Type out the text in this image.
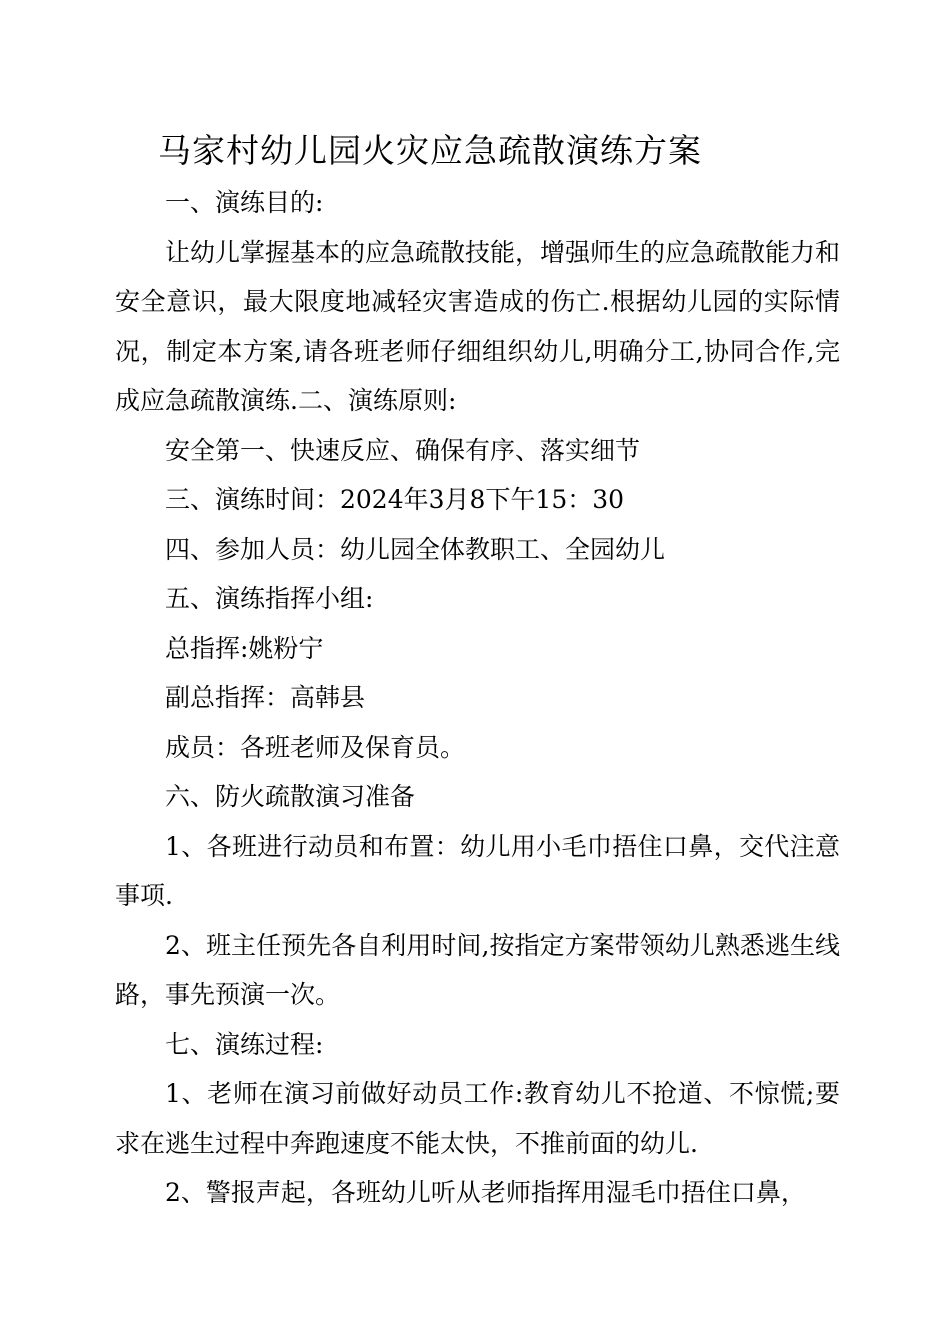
马家村幼儿园火灾应急疏散演练方案

一、演练目的:

让幼儿掌握基本的应急疏散技能，增强师生的应急疏散能力和安全意识，最大限度地减轻灾害造成的伤亡.根据幼儿园的实际情况，制定本方案,请各班老师仔细组织幼儿,明确分工,协同合作,完成应急疏散演练.二、演练原则:

安全第一、快速反应、确保有序、落实细节

三、演练时间：2024年3月8下午15：30

四、参加人员：幼儿园全体教职工、全园幼儿

五、演练指挥小组:

总指挥:姚粉宁

副总指挥：高韩县

成员：各班老师及保育员。

六、防火疏散演习准备

1、各班进行动员和布置：幼儿用小毛巾捂住口鼻，交代注意事项.

2、班主任预先各自利用时间,按指定方案带领幼儿熟悉逃生线路，事先预演一次。

七、演练过程:

1、老师在演习前做好动员工作:教育幼儿不抢道、不惊慌;要求在逃生过程中奔跑速度不能太快，不推前面的幼儿.

2、警报声起，各班幼儿听从老师指挥用湿毛巾捂住口鼻，
